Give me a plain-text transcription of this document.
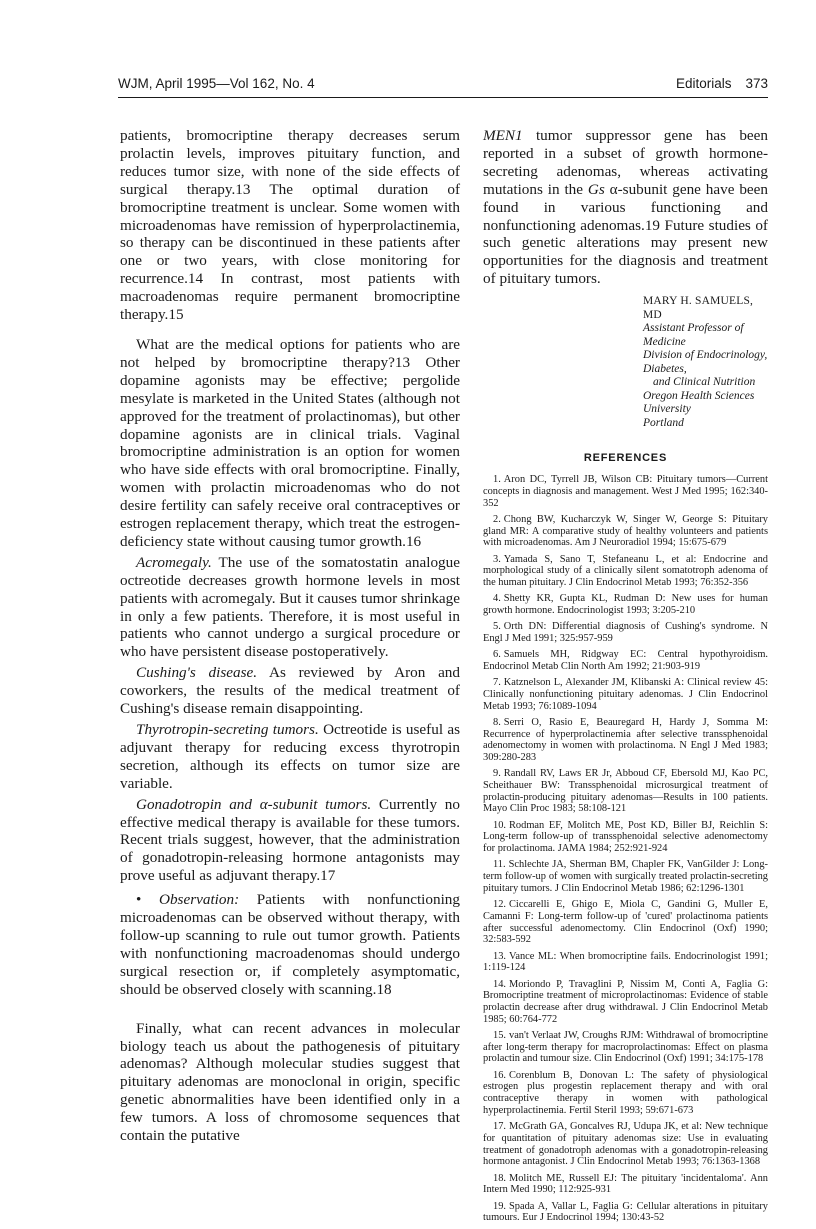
WJM, April 1995—Vol 162, No. 4	Editorials 373

patients, bromocriptine therapy decreases serum prolactin levels, improves pituitary function, and reduces tumor size, with none of the side effects of surgical therapy.13 The optimal duration of bromocriptine treatment is unclear. Some women with microadenomas have remission of hyperprolactinemia, so therapy can be discontinued in these patients after one or two years, with close monitoring for recurrence.14 In contrast, most patients with macroadenomas require permanent bromocriptine therapy.15

What are the medical options for patients who are not helped by bromocriptine therapy?13 Other dopamine agonists may be effective; pergolide mesylate is marketed in the United States (although not approved for the treatment of prolactinomas), but other dopamine agonists are in clinical trials. Vaginal bromocriptine administration is an option for women who have side effects with oral bromocriptine. Finally, women with prolactin microadenomas who do not desire fertility can safely receive oral contraceptives or estrogen replacement therapy, which treat the estrogen-deficiency state without causing tumor growth.16

Acromegaly. The use of the somatostatin analogue octreotide decreases growth hormone levels in most patients with acromegaly. But it causes tumor shrinkage in only a few patients. Therefore, it is most useful in patients who cannot undergo a surgical procedure or who have persistent disease postoperatively.

Cushing's disease. As reviewed by Aron and coworkers, the results of the medical treatment of Cushing's disease remain disappointing.

Thyrotropin-secreting tumors. Octreotide is useful as adjuvant therapy for reducing excess thyrotropin secretion, although its effects on tumor size are variable.

Gonadotropin and α-subunit tumors. Currently no effective medical therapy is available for these tumors. Recent trials suggest, however, that the administration of gonadotropin-releasing hormone antagonists may prove useful as adjuvant therapy.17

• Observation: Patients with nonfunctioning microadenomas can be observed without therapy, with follow-up scanning to rule out tumor growth. Patients with nonfunctioning macroadenomas should undergo surgical resection or, if completely asymptomatic, should be observed closely with scanning.18

Finally, what can recent advances in molecular biology teach us about the pathogenesis of pituitary adenomas? Although molecular studies suggest that pituitary adenomas are monoclonal in origin, specific genetic abnormalities have been identified only in a few tumors. A loss of chromosome sequences that contain the putative

MEN1 tumor suppressor gene has been reported in a subset of growth hormone-secreting adenomas, whereas activating mutations in the Gs α-subunit gene have been found in various functioning and nonfunctioning adenomas.19 Future studies of such genetic alterations may present new opportunities for the diagnosis and treatment of pituitary tumors.

MARY H. SAMUELS, MD
Assistant Professor of Medicine
Division of Endocrinology, Diabetes,
and Clinical Nutrition
Oregon Health Sciences University
Portland
REFERENCES
1. Aron DC, Tyrrell JB, Wilson CB: Pituitary tumors—Current concepts in diagnosis and management. West J Med 1995; 162:340-352
2. Chong BW, Kucharczyk W, Singer W, George S: Pituitary gland MR: A comparative study of healthy volunteers and patients with microadenomas. Am J Neuroradiol 1994; 15:675-679
3. Yamada S, Sano T, Stefaneanu L, et al: Endocrine and morphological study of a clinically silent somatotroph adenoma of the human pituitary. J Clin Endocrinol Metab 1993; 76:352-356
4. Shetty KR, Gupta KL, Rudman D: New uses for human growth hormone. Endocrinologist 1993; 3:205-210
5. Orth DN: Differential diagnosis of Cushing's syndrome. N Engl J Med 1991; 325:957-959
6. Samuels MH, Ridgway EC: Central hypothyroidism. Endocrinol Metab Clin North Am 1992; 21:903-919
7. Katznelson L, Alexander JM, Klibanski A: Clinical review 45: Clinically nonfunctioning pituitary adenomas. J Clin Endocrinol Metab 1993; 76:1089-1094
8. Serri O, Rasio E, Beauregard H, Hardy J, Somma M: Recurrence of hyperprolactinemia after selective transsphenoidal adenomectomy in women with prolactinoma. N Engl J Med 1983; 309:280-283
9. Randall RV, Laws ER Jr, Abboud CF, Ebersold MJ, Kao PC, Scheithauer BW: Transsphenoidal microsurgical treatment of prolactin-producing pituitary adenomas—Results in 100 patients. Mayo Clin Proc 1983; 58:108-121
10. Rodman EF, Molitch ME, Post KD, Biller BJ, Reichlin S: Long-term follow-up of transsphenoidal selective adenomectomy for prolactinoma. JAMA 1984; 252:921-924
11. Schlechte JA, Sherman BM, Chapler FK, VanGilder J: Long-term follow-up of women with surgically treated prolactin-secreting pituitary tumors. J Clin Endocrinol Metab 1986; 62:1296-1301
12. Ciccarelli E, Ghigo E, Miola C, Gandini G, Muller E, Camanni F: Long-term follow-up of 'cured' prolactinoma patients after successful adenomectomy. Clin Endocrinol (Oxf) 1990; 32:583-592
13. Vance ML: When bromocriptine fails. Endocrinologist 1991; 1:119-124
14. Moriondo P, Travaglini P, Nissim M, Conti A, Faglia G: Bromocriptine treatment of microprolactinomas: Evidence of stable prolactin decrease after drug withdrawal. J Clin Endocrinol Metab 1985; 60:764-772
15. van't Verlaat JW, Croughs RJM: Withdrawal of bromocriptine after long-term therapy for macroprolactinomas: Effect on plasma prolactin and tumour size. Clin Endocrinol (Oxf) 1991; 34:175-178
16. Corenblum B, Donovan L: The safety of physiological estrogen plus progestin replacement therapy and with oral contraceptive therapy in women with pathological hyperprolactinemia. Fertil Steril 1993; 59:671-673
17. McGrath GA, Goncalves RJ, Udupa JK, et al: New technique for quantitation of pituitary adenomas size: Use in evaluating treatment of gonadotroph adenomas with a gonadotropin-releasing hormone antagonist. J Clin Endocrinol Metab 1993; 76:1363-1368
18. Molitch ME, Russell EJ: The pituitary 'incidentaloma'. Ann Intern Med 1990; 112:925-931
19. Spada A, Vallar L, Faglia G: Cellular alterations in pituitary tumours. Eur J Endocrinol 1994; 130:43-52
